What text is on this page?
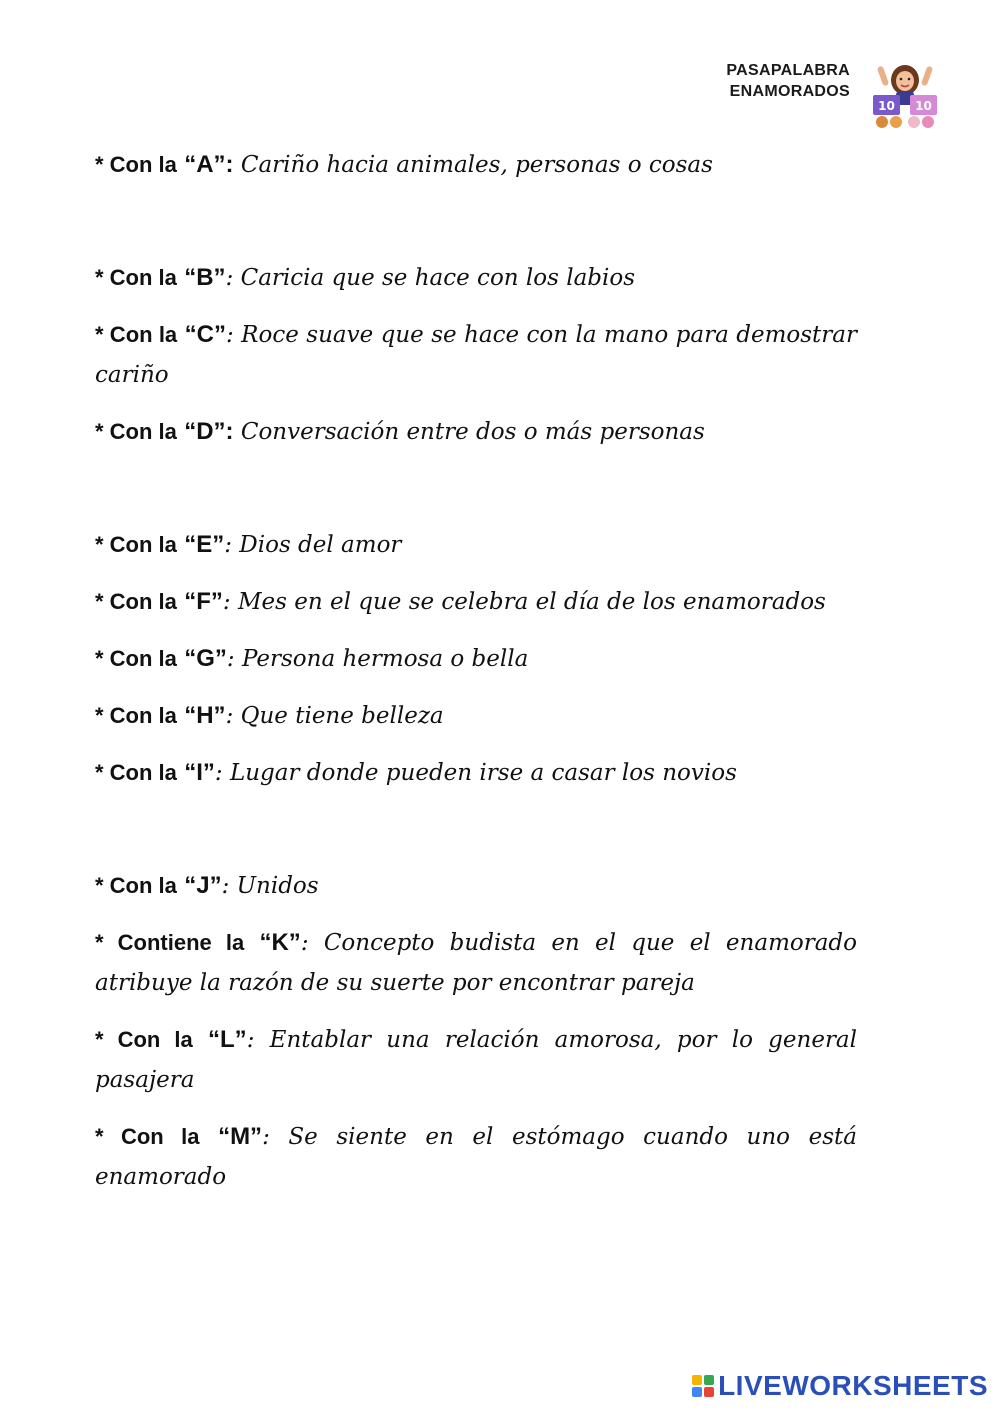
PASAPALABRA
ENAMORADOS
10 10
* Con la “A”: Cariño hacia animales, personas o cosas
* Con la “B”: Caricia que se hace con los labios
* Con la “C”: Roce suave que se hace con la mano para demostrar cariño
* Con la “D”: Conversación entre dos o más personas
* Con la “E”: Dios del amor
* Con la “F”: Mes en el que se celebra el día de los enamorados
* Con la “G”: Persona hermosa o bella
* Con la “H”: Que tiene belleza
* Con la “I”: Lugar donde pueden irse a casar los novios
* Con la “J”: Unidos
* Contiene la “K”: Concepto budista en el que el enamorado atribuye la razón de su suerte por encontrar pareja
* Con la “L”: Entablar una relación amorosa, por lo general pasajera
* Con la “M”: Se siente en el estómago cuando uno está enamorado
LIVEWORKSHEETS
